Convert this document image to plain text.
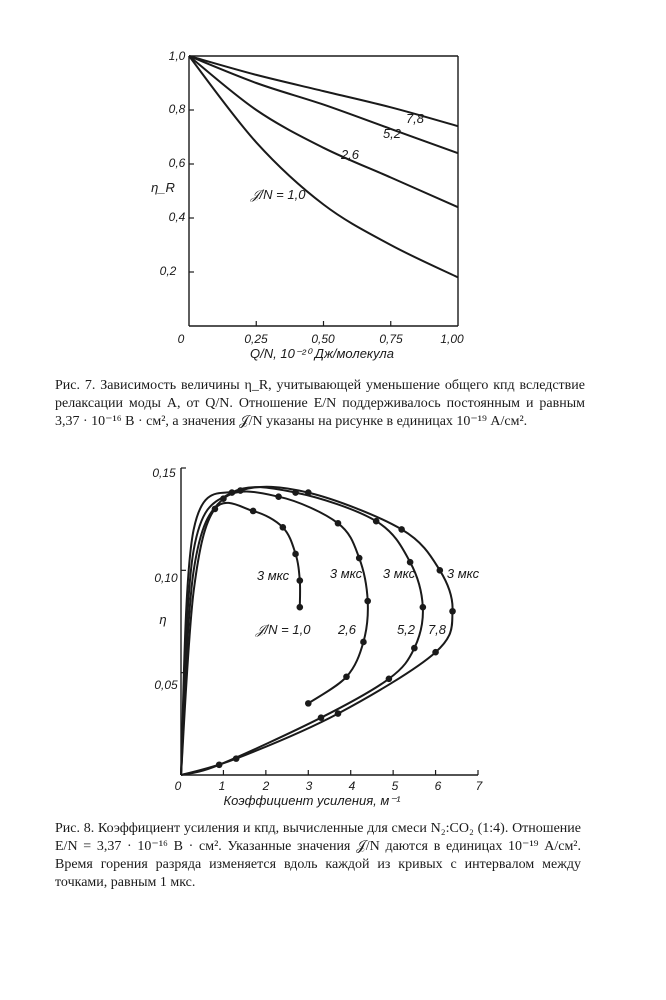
0	0,25	0,50	0,75	1,00
0,2
0,4
0,6
0,8
1,0
η_R
Q/N, 10⁻²⁰ Дж/молекула
7,8
5,2
2,6
𝒥/N = 1,0
0	1	2	3	4	5	6	7
0,05
0,10
0,15
η
Коэффициент усиления, м⁻¹
3 мкс	3 мкс 3 мкс 3 мкс
𝒥/N = 1,0 2,6	5,2 7,8
Рис. 7. Зависимость величины η_R, учитывающей уменьшение общего кпд вследствие релаксации моды А, от Q/N. Отношение E/N поддерживалось постоянным и равным 3,37 · 10⁻¹⁶ В · см², а значения 𝒥/N указаны на рисунке в единицах 10⁻¹⁹ А/см².
Рис. 8. Коэффициент усиления и кпд, вычисленные для смеси N₂:CO₂ (1:4). Отношение E/N = 3,37 · 10⁻¹⁶ В · см². Указанные значения 𝒥/N даются в единицах 10⁻¹⁹ А/см². Время горения разряда изменяется вдоль каждой из кривых с интервалом между точками, равным 1 мкс.
